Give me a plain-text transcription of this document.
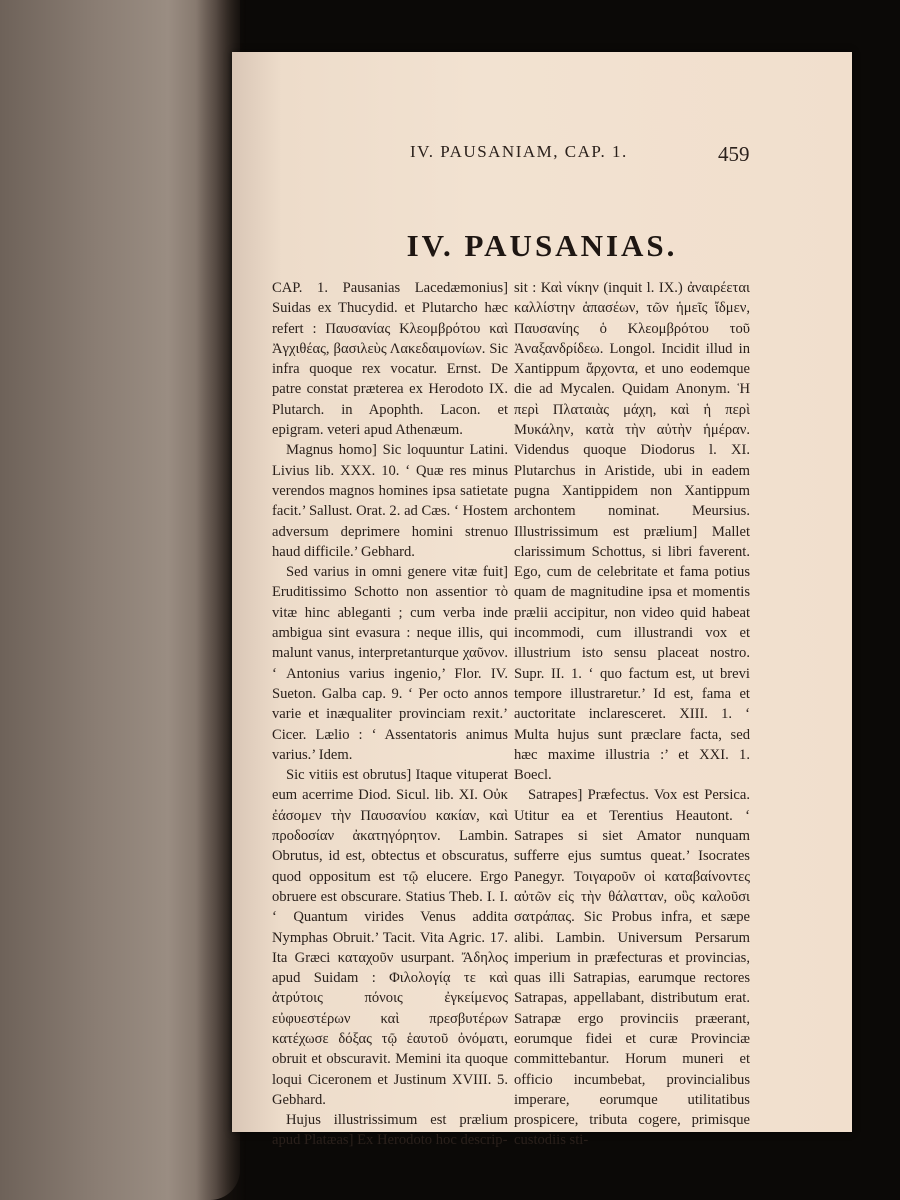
IV. PAUSANIAM, CAP. 1.	459
IV. PAUSANIAS.

CAP. 1. Pausanias Lacedæmonius] Suidas ex Thucydid. et Plutarcho hæc refert : Παυσανίας Κλεομβρότου καὶ Ἀγχιθέας, βασιλεὺς Λακεδαιμονίων. Sic infra quoque rex vocatur. Ernst. De patre constat præterea ex Herodoto IX. Plutarch. in Apophth. Lacon. et epigram. veteri apud Athenæum.

Magnus homo] Sic loquuntur Latini. Livius lib. XXX. 10. ‘ Quæ res minus verendos magnos homines ipsa satietate facit.’ Sallust. Orat. 2. ad Cæs. ‘ Hostem adversum deprimere homini strenuo haud difficile.’ Gebhard.

Sed varius in omni genere vitæ fuit] Eruditissimo Schotto non assentior τὸ vitæ hinc ableganti ; cum verba inde ambigua sint evasura : neque illis, qui malunt vanus, interpretanturque χαῦνον. ‘ Antonius varius ingenio,’ Flor. IV. Sueton. Galba cap. 9. ‘ Per octo annos varie et inæqualiter provinciam rexit.’ Cicer. Lælio : ‘ Assentatoris animus varius.’ Idem.

Sic vitiis est obrutus] Itaque vituperat eum acerrime Diod. Sicul. lib. XI. Οὐκ ἐάσομεν τὴν Παυσανίου κακίαν, καὶ προδοσίαν ἀκατηγόρητον. Lambin. Obrutus, id est, obtectus et obscuratus, quod oppositum est τῷ elucere. Ergo obruere est obscurare. Statius Theb. I. I. ‘ Quantum virides Venus addita Nymphas Obruit.’ Tacit. Vita Agric. 17. Ita Græci καταχοῦν usurpant. Ἄδηλος apud Suidam : Φιλολογίᾳ τε καὶ ἀτρύτοις πόνοις ἐγκείμενος εὐφυεστέρων καὶ πρεσβυτέρων κατέχωσε δόξας τῷ ἑαυτοῦ ὀνόματι, obruit et obscuravit. Memini ita quoque loqui Ciceronem et Justinum XVIII. 5. Gebhard.

Hujus illustrissimum est prælium apud Platæas] Ex Herodoto hoc descrip-

sit : Καὶ νίκην (inquit l. IX.) ἀναιρέεται καλλίστην ἁπασέων, τῶν ἡμεῖς ἴδμεν, Παυσανίης ὁ Κλεομβρότου τοῦ Ἀναξανδρίδεω. Longol. Incidit illud in Xantippum ἄρχοντα, et uno eodemque die ad Mycalen. Quidam Anonym. Ἡ περὶ Πλαταιὰς μάχη, καὶ ἡ περὶ Μυκάλην, κατὰ τὴν αὐτὴν ἡμέραν. Videndus quoque Diodorus l. XI. Plutarchus in Aristide, ubi in eadem pugna Xantippidem non Xantippum archontem nominat. Meursius. Illustrissimum est prælium] Mallet clarissimum Schottus, si libri faverent. Ego, cum de celebritate et fama potius quam de magnitudine ipsa et momentis prælii accipitur, non video quid habeat incommodi, cum illustrandi vox et illustrium isto sensu placeat nostro. Supr. II. 1. ‘ quo factum est, ut brevi tempore illustraretur.’ Id est, fama et auctoritate inclaresceret. XIII. 1. ‘ Multa hujus sunt præclare facta, sed hæc maxime illustria :’ et XXI. 1. Boecl.

Satrapes] Præfectus. Vox est Persica. Utitur ea et Terentius Heautont. ‘ Satrapes si siet Amator nunquam sufferre ejus sumtus queat.’ Isocrates Panegyr. Τοιγαροῦν οἱ καταβαίνοντες αὐτῶν εἰς τὴν θάλατταν, οὓς καλοῦσι σατράπας. Sic Probus infra, et sæpe alibi. Lambin. Universum Persarum imperium in præfecturas et provincias, quas illi Satrapias, earumque rectores Satrapas, appellabant, distributum erat. Satrapæ ergo provinciis præerant, eorumque fidei et curæ Provinciæ committebantur. Horum muneri et officio incumbebat, provincialibus imperare, eorumque utilitatibus prospicere, tributa cogere, primisque custodiis sti-
